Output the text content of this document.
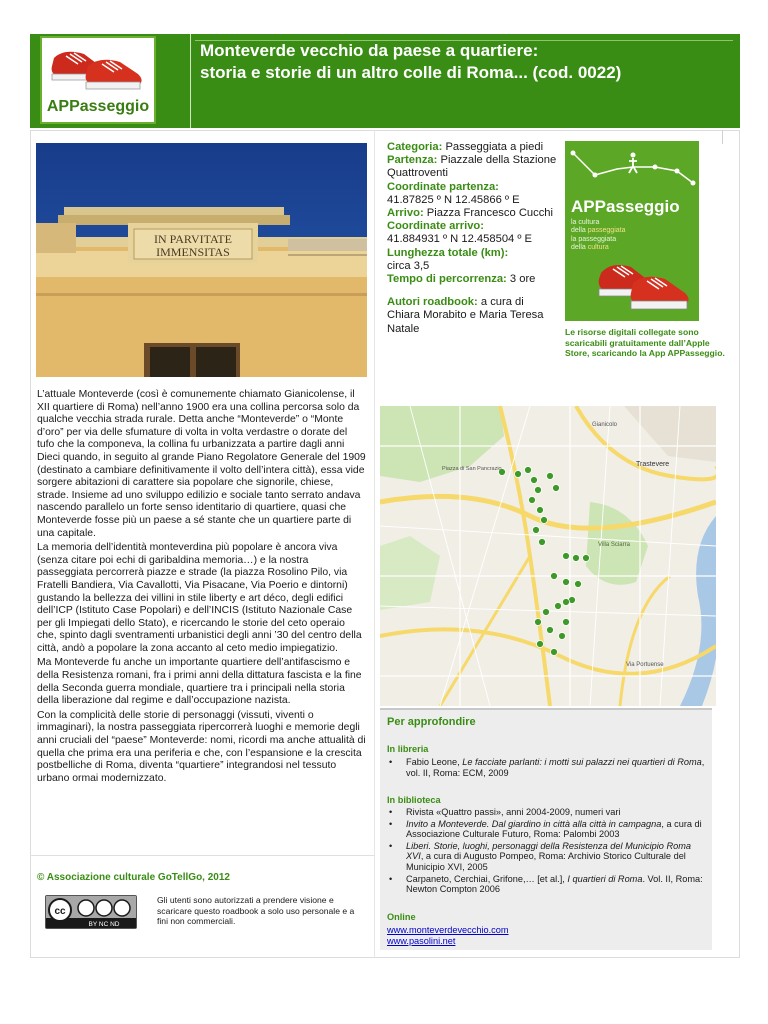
APPasseggio
Monteverde vecchio da paese a quartiere:
storia e storie di un altro colle di Roma... (cod. 0022)
IN PARVITATE
IMMENSITAS

L’attuale Monteverde (così è comunemente chiamato Gianicolense, il XII quartiere di Roma) nell’anno 1900 era una collina percorsa solo da qualche vecchia strada rurale. Detta anche “Monteverde” o “Monte d’oro” per via delle sfumature di volta in volta verdastre o dorate del tufo che la componeva, la collina fu urbanizzata a partire dagli anni Dieci quando, in seguito al grande Piano Regolatore Generale del 1909 (destinato a cambiare definitivamente il volto dell’intera città), essa vide sorgere abitazioni di carattere sia popolare che signorile, chiese, strade. Insieme ad uno sviluppo edilizio e sociale tanto serrato andava nascendo parallelo un forte senso identitario di quartiere, quasi che Monteverde fosse più un paese a sé stante che un quartiere parte di una capitale.

La memoria dell’identità monteverdina più popolare è ancora viva (senza citare poi echi di garibaldina memoria…) e la nostra passeggiata percorrerà piazze e strade (la piazza Rosolino Pilo, via Fratelli Bandiera, Via Cavallotti, Via Pisacane, Via Poerio e dintorni) gustando la bellezza dei villini in stile liberty e art déco, degli edifici dell’ICP (Istituto Case Popolari) e dell’INCIS (Istituto Nazionale Case per gli Impiegati dello Stato), e ricercando le storie del ceto operaio che, spinto dagli sventramenti urbanistici degli anni ’30 del centro della città, andò a popolare la zona accanto al ceto medio impiegatizio.

Ma Monteverde fu anche un importante quartiere dell’antifascismo e della Resistenza romani, fra i primi anni della dittatura fascista e la fine della Seconda guerra mondiale, quartiere tra i principali nella storia della liberazione dal regime e dall’occupazione nazista.

Con la complicità delle storie di personaggi (vissuti, viventi o immaginari), la nostra passeggiata ripercorrerà luoghi e memorie degli anni cruciali del “paese” Monteverde: nomi, ricordi ma anche attualità di quella che prima era una periferia e che, con l’espansione e la crescita postbelliche di Roma, diventa “quartiere” integrandosi nel tessuto urbano ormai modernizzato.

© Associazione culturale GoTellGo, 2012
cc
BY NC ND
Gli utenti sono autorizzati a prendere visione e scaricare questo roadbook a solo uso personale e a fini non commerciali.
Categoria: Passeggiata a piedi
Partenza: Piazzale della Stazione Quattroventi
Coordinate partenza:
41.87825 º N 12.45866 º E
Arrivo: Piazza Francesco Cucchi
Coordinate arrivo:
41.884931 º N 12.458504 º E
Lunghezza totale (km):
circa 3,5
Tempo di percorrenza: 3 ore
Autori roadbook: a cura di Chiara Morabito e Maria Teresa Natale
APPasseggio
la cultura
della passeggiata
la passeggiata
della cultura
Le risorse digitali collegate sono scaricabili gratuitamente dall’Apple Store, scaricando la App APPasseggio.
Trastevere
Gianicolo
Villa Sciarra
Via Portuense
Piazza di San Pancrazio
Per approfondire
In libreria
• Fabio Leone, Le facciate parlanti: i motti sui palazzi nei quartieri di Roma, vol. II, Roma: ECM, 2009
In biblioteca
• Rivista «Quattro passi», anni 2004-2009, numeri vari
• Invito a Monteverde. Dal giardino in città alla città in campagna, a cura di Associazione Culturale Futuro, Roma: Palombi 2003
• Liberi. Storie, luoghi, personaggi della Resistenza del Municipio Roma XVI, a cura di Augusto Pompeo, Roma: Archivio Storico Culturale del Municipio XVI, 2005
• Carpaneto, Cerchiai, Grifone,… [et al.], I quartieri di Roma. Vol. II, Roma: Newton Compton 2006
Online
www.monteverdevecchio.com
www.pasolini.net
